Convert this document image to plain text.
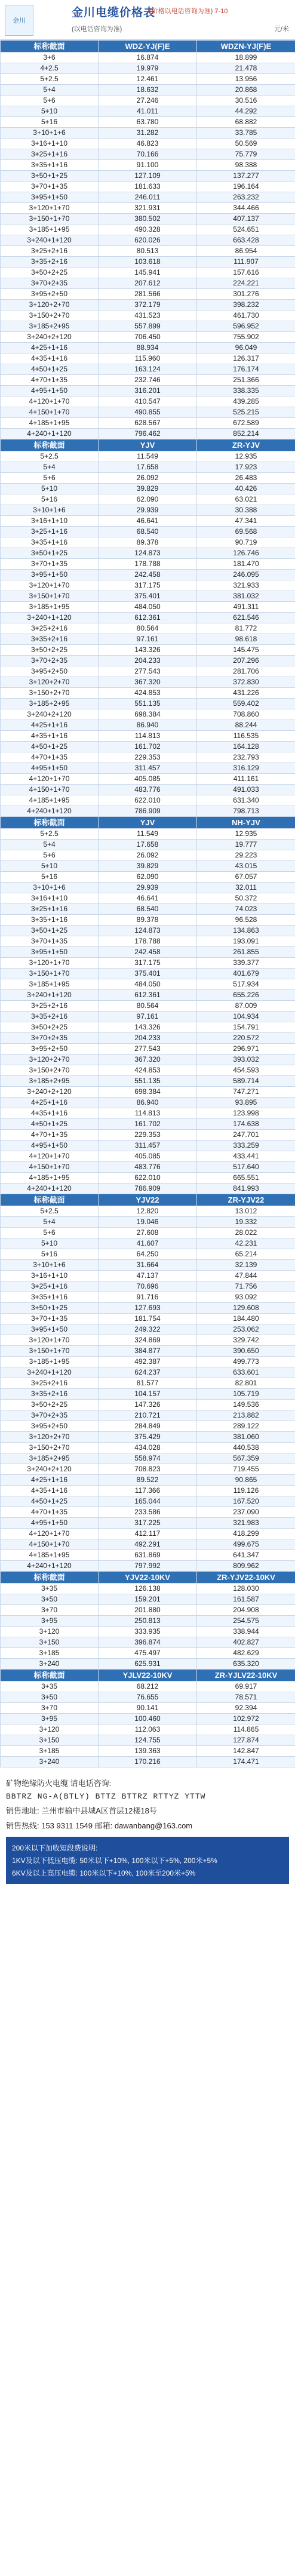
金川
金川电缆价格表
(价格以电话咨询为准) 7-10
(以电话咨询为准)	元/米
标称截面	WDZ-YJ(F)E	WDZN-YJ(F)E
3+6	16.874	18.899
4+2.5	19.979	21.478
5+2.5	12.461	13.956
5+4	18.632	20.868
5+6	27.246	30.516
5+10	41.011	44.292
5+16	63.780	68.882
3+10+1+6	31.282	33.785
3+16+1+10	46.823	50.569
3+25+1+16	70.166	75.779
3+35+1+16	91.100	98.388
3+50+1+25	127.109	137.277
3+70+1+35	181.633	196.164
3+95+1+50	246.011	263.232
3+120+1+70	321.931	344.466
3+150+1+70	380.502	407.137
3+185+1+95	490.328	524.651
3+240+1+120	620.026	663.428
3+25+2+16	80.513	86.954
3+35+2+16	103.618	111.907
3+50+2+25	145.941	157.616
3+70+2+35	207.612	224.221
3+95+2+50	281.566	301.276
3+120+2+70	372.179	398.232
3+150+2+70	431.523	461.730
3+185+2+95	557.899	596.952
3+240+2+120	706.450	755.902
4+25+1+16	88.934	96.049
4+35+1+16	115.960	126.317
4+50+1+25	163.124	176.174
4+70+1+35	232.746	251.366
4+95+1+50	316.201	338.335
4+120+1+70	410.547	439.285
4+150+1+70	490.855	525.215
4+185+1+95	628.567	672.589
4+240+1+120	796.462	852.214
标称截面	YJV	ZR-YJV
5+2.5	11.549	12.935
5+4	17.658	17.923
5+6	26.092	26.483
5+10	39.829	40.426
5+16	62.090	63.021
3+10+1+6	29.939	30.388
3+16+1+10	46.641	47.341
3+25+1+16	68.540	69.568
3+35+1+16	89.378	90.719
3+50+1+25	124.873	126.746
3+70+1+35	178.788	181.470
3+95+1+50	242.458	246.095
3+120+1+70	317.175	321.933
3+150+1+70	375.401	381.032
3+185+1+95	484.050	491.311
3+240+1+120	612.361	621.546
3+25+2+16	80.564	81.772
3+35+2+16	97.161	98.618
3+50+2+25	143.326	145.475
3+70+2+35	204.233	207.296
3+95+2+50	277.543	281.706
3+120+2+70	367.320	372.830
3+150+2+70	424.853	431.226
3+185+2+95	551.135	559.402
3+240+2+120	698.384	708.860
4+25+1+16	86.940	88.244
4+35+1+16	114.813	116.535
4+50+1+25	161.702	164.128
4+70+1+35	229.353	232.793
4+95+1+50	311.457	316.129
4+120+1+70	405.085	411.161
4+150+1+70	483.776	491.033
4+185+1+95	622.010	631.340
4+240+1+120	786.909	798.713
标称截面	YJV	NH-YJV
5+2.5	11.549	12.935
5+4	17.658	19.777
5+6	26.092	29.223
5+10	39.829	43.015
5+16	62.090	67.057
3+10+1+6	29.939	32.011
3+16+1+10	46.641	50.372
3+25+1+16	68.540	74.023
3+35+1+16	89.378	96.528
3+50+1+25	124.873	134.863
3+70+1+35	178.788	193.091
3+95+1+50	242.458	261.855
3+120+1+70	317.175	339.377
3+150+1+70	375.401	401.679
3+185+1+95	484.050	517.934
3+240+1+120	612.361	655.226
3+25+2+16	80.564	87.009
3+35+2+16	97.161	104.934
3+50+2+25	143.326	154.791
3+70+2+35	204.233	220.572
3+95+2+50	277.543	296.971
3+120+2+70	367.320	393.032
3+150+2+70	424.853	454.593
3+185+2+95	551.135	589.714
3+240+2+120	698.384	747.271
4+25+1+16	86.940	93.895
4+35+1+16	114.813	123.998
4+50+1+25	161.702	174.638
4+70+1+35	229.353	247.701
4+95+1+50	311.457	333.259
4+120+1+70	405.085	433.441
4+150+1+70	483.776	517.640
4+185+1+95	622.010	665.551
4+240+1+120	786.909	841.993
标称截面	YJV22	ZR-YJV22
5+2.5	12.820	13.012
5+4	19.046	19.332
5+6	27.608	28.022
5+10	41.607	42.231
5+16	64.250	65.214
3+10+1+6	31.664	32.139
3+16+1+10	47.137	47.844
3+25+1+16	70.696	71.756
3+35+1+16	91.716	93.092
3+50+1+25	127.693	129.608
3+70+1+35	181.754	184.480
3+95+1+50	249.322	253.062
3+120+1+70	324.869	329.742
3+150+1+70	384.877	390.650
3+185+1+95	492.387	499.773
3+240+1+120	624.237	633.601
3+25+2+16	81.577	82.801
3+35+2+16	104.157	105.719
3+50+2+25	147.326	149.536
3+70+2+35	210.721	213.882
3+95+2+50	284.849	289.122
3+120+2+70	375.429	381.060
3+150+2+70	434.028	440.538
3+185+2+95	558.974	567.359
3+240+2+120	708.823	719.455
4+25+1+16	89.522	90.865
4+35+1+16	117.366	119.126
4+50+1+25	165.044	167.520
4+70+1+35	233.586	237.090
4+95+1+50	317.225	321.983
4+120+1+70	412.117	418.299
4+150+1+70	492.291	499.675
4+185+1+95	631.869	641.347
4+240+1+120	797.992	809.962
标称截面	YJV22-10KV	ZR-YJV22-10KV
3+35	126.138	128.030
3+50	159.201	161.587
3+70	201.880	204.908
3+95	250.813	254.575
3+120	333.935	338.944
3+150	396.874	402.827
3+185	475.497	482.629
3+240	625.931	635.320
标称截面	YJLV22-10KV	ZR-YJLV22-10KV
3+35	68.212	69.917
3+50	76.655	78.571
3+70	90.141	92.394
3+95	100.460	102.972
3+120	112.063	114.865
3+150	124.755	127.874
3+185	139.363	142.847
3+240	170.216	174.471
矿物绝缘防火电缆 请电话咨询:
BBTRZ NG-A(BTLY) BTTZ BTTRZ RTTYZ YTTW
销售地址: 兰州市榆中县城A区首层12楼18号
销售热线: 153 9311 1549 邮箱: dawanbang@163.com
200米以下加收短段费说明:
1KV及以下低压电缆: 50米以下+10%, 100米以下+5%, 200米+5%
6KV及以上高压电缆: 100米以下+10%, 100米至200米+5%
